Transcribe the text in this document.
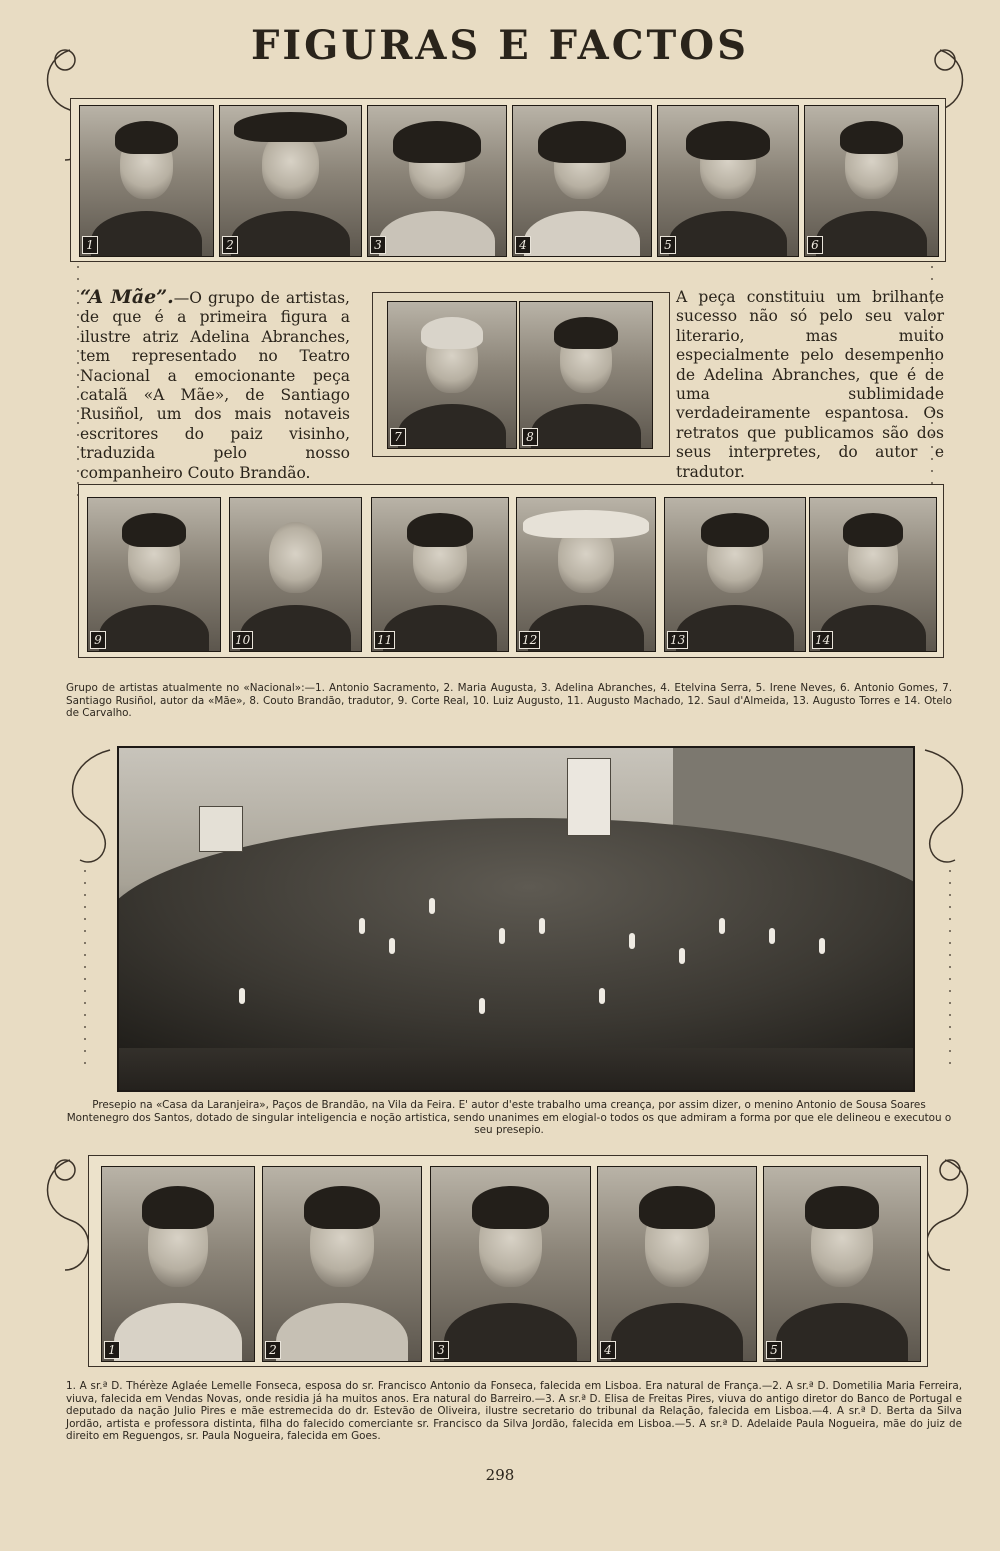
FIGURAS E FACTOS
1	2	3	4	5	6
“A Mãe”.—O grupo de artistas, de que é a primeira figura a ilustre atriz Adelina Abranches, tem representado no Teatro Nacional a emocionante peça catalã «A Mãe», de Santiago Rusiñol, um dos mais notaveis escritores do paiz visinho, traduzida pelo nosso companheiro Couto Brandão.
7	8
A peça constituiu um brilhante sucesso não só pelo seu valor literario, mas muito especialmente pelo desempenho de Adelina Abranches, que é de uma sublimidade verdadeiramente espantosa. Os retratos que publicamos são dos seus interpretes, do autor e tradutor.
9	10	11	12	13	14
Grupo de artistas atualmente no «Nacional»:—1. Antonio Sacramento, 2. Maria Augusta, 3. Adelina Abranches, 4. Etelvina Serra, 5. Irene Neves, 6. Antonio Gomes, 7. Santiago Rusiñol, autor da «Mãe», 8. Couto Brandão, tradutor, 9. Corte Real, 10. Luiz Augusto, 11. Augusto Machado, 12. Saul d'Almeida, 13. Augusto Torres e 14. Otelo de Carvalho.
Presepio na «Casa da Laranjeira», Paços de Brandão, na Vila da Feira. E' autor d'este trabalho uma creança, por assim dizer, o menino Antonio de Sousa Soares Montenegro dos Santos, dotado de singular inteligencia e noção artistica, sendo unanimes em elogial-o todos os que admiram a forma por que ele delineou e executou o seu presepio.
1	2	3	4	5
1. A sr.ª D. Thérèze Aglaée Lemelle Fonseca, esposa do sr. Francisco Antonio da Fonseca, falecida em Lisboa. Era natural de França.—2. A sr.ª D. Dometilia Maria Ferreira, viuva, falecida em Vendas Novas, onde residia já ha muitos anos. Era natural do Barreiro.—3. A sr.ª D. Elisa de Freitas Pires, viuva do antigo diretor do Banco de Portugal e deputado da nação Julio Pires e mãe estremecida do dr. Estevão de Oliveira, ilustre secretario do tribunal da Relação, falecida em Lisboa.—4. A sr.ª D. Berta da Silva Jordão, artista e professora distinta, filha do falecido comerciante sr. Francisco da Silva Jordão, falecida em Lisboa.—5. A sr.ª D. Adelaide Paula Nogueira, mãe do juiz de direito em Reguengos, sr. Paula Nogueira, falecida em Goes.
298
